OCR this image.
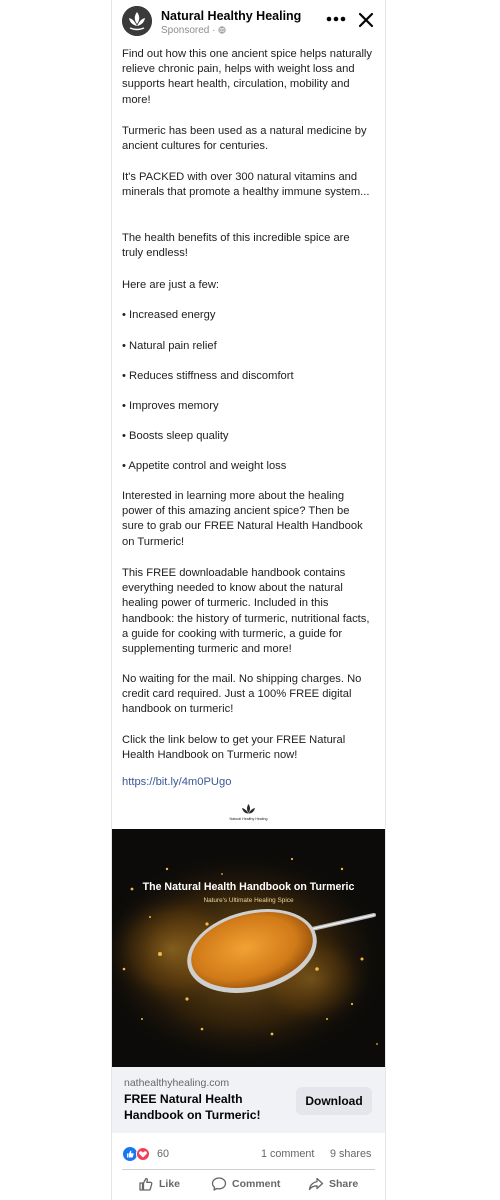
Natural Healthy Healing
Sponsored ·

Find out how this one ancient spice helps naturally relieve chronic pain, helps with weight loss and supports heart health, circulation, mobility and more!

Turmeric has been used as a natural medicine by ancient cultures for centuries.

It's PACKED with over 300 natural vitamins and minerals that promote a healthy immune system...

The health benefits of this incredible spice are truly endless!

Here are just a few:

• Increased energy

• Natural pain relief

• Reduces stiffness and discomfort

• Improves memory

• Boosts sleep quality

• Appetite control and weight loss

Interested in learning more about the healing power of this amazing ancient spice? Then be sure to grab our FREE Natural Health Handbook on Turmeric!

This FREE downloadable handbook contains everything needed to know about the natural healing power of turmeric. Included in this handbook: the history of turmeric, nutritional facts, a guide for cooking with turmeric, a guide for supplementing turmeric and more!

No waiting for the mail. No shipping charges. No credit card required. Just a 100% FREE digital handbook on turmeric!

Click the link below to get your FREE Natural Health Handbook on Turmeric now!

https://bit.ly/4m0PUgo
Natural Healthy Healing
The Natural Health Handbook on Turmeric
Nature's Ultimate Healing Spice
nathealthyhealing.com
FREE Natural Health Handbook on Turmeric!
Download
60	1 comment 9 shares
Like	Comment	Share
